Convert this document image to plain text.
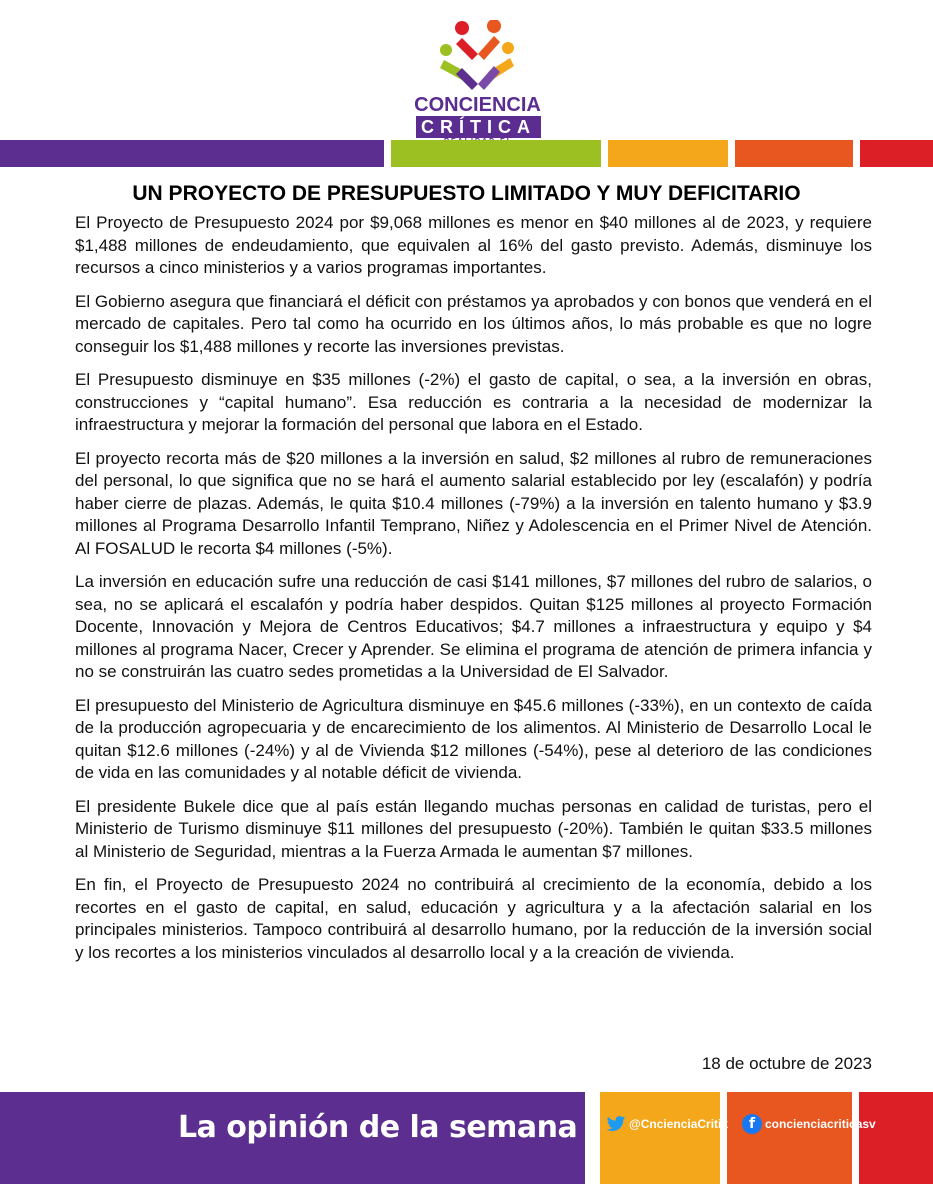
CONCIENCIA
CRÍTICA
UN PROYECTO DE PRESUPUESTO LIMITADO Y MUY DEFICITARIO

El Proyecto de Presupuesto 2024 por $9,068 millones es menor en $40 millones al de 2023, y requiere $1,488 millones de endeudamiento, que equivalen al 16% del gasto previsto. Además, disminuye los recursos a cinco ministerios y a varios programas importantes.

El Gobierno asegura que financiará el déficit con préstamos ya aprobados y con bonos que venderá en el mercado de capitales. Pero tal como ha ocurrido en los últimos años, lo más probable es que no logre conseguir los $1,488 millones y recorte las inversiones previstas.

El Presupuesto disminuye en $35 millones (-2%) el gasto de capital, o sea, a la inversión en obras, construcciones y “capital humano”. Esa reducción es contraria a la necesidad de modernizar la infraestructura y mejorar la formación del personal que labora en el Estado.

El proyecto recorta más de $20 millones a la inversión en salud, $2 millones al rubro de remuneraciones del personal, lo que significa que no se hará el aumento salarial establecido por ley (escalafón) y podría haber cierre de plazas. Además, le quita $10.4 millones (-79%) a la inversión en talento humano y $3.9 millones al Programa Desarrollo Infantil Temprano, Niñez y Adolescencia en el Primer Nivel de Atención. Al FOSALUD le recorta $4 millones (-5%).

La inversión en educación sufre una reducción de casi $141 millones, $7 millones del rubro de salarios, o sea, no se aplicará el escalafón y podría haber despidos. Quitan $125 millones al proyecto Formación Docente, Innovación y Mejora de Centros Educativos; $4.7 millones a infraestructura y equipo y $4 millones al programa Nacer, Crecer y Aprender. Se elimina el programa de atención de primera infancia y no se construirán las cuatro sedes prometidas a la Universidad de El Salvador.

El presupuesto del Ministerio de Agricultura disminuye en $45.6 millones (-33%), en un contexto de caída de la producción agropecuaria y de encarecimiento de los alimentos. Al Ministerio de Desarrollo Local le quitan $12.6 millones (-24%) y al de Vivienda $12 millones (-54%), pese al deterioro de las condiciones de vida en las comunidades y al notable déficit de vivienda.

El presidente Bukele dice que al país están llegando muchas personas en calidad de turistas, pero el Ministerio de Turismo disminuye $11 millones del presupuesto (-20%). También le quitan $33.5 millones al Ministerio de Seguridad, mientras a la Fuerza Armada le aumentan $7 millones.

En fin, el Proyecto de Presupuesto 2024 no contribuirá al crecimiento de la economía, debido a los recortes en el gasto de capital, en salud, educación y agricultura y a la afectación salarial en los principales ministerios. Tampoco contribuirá al desarrollo humano, por la reducción de la inversión social y los recortes a los ministerios vinculados al desarrollo local y a la creación de vivienda.

18 de octubre de 2023
La opinión de la semana	@CncienciaCritik	f concienciacriticasv
